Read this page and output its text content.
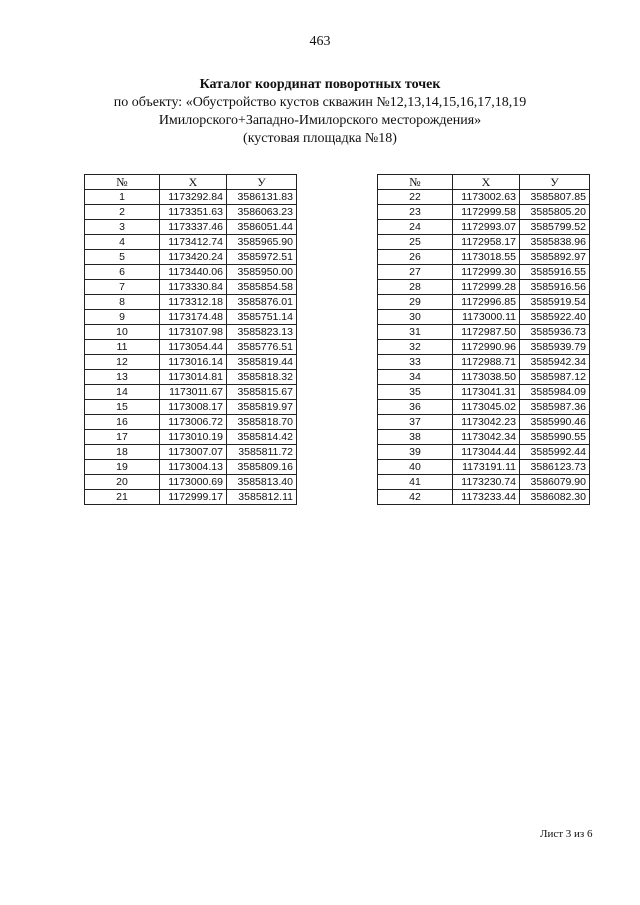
463
Каталог координат поворотных точек
по объекту: «Обустройство кустов скважин №12,13,14,15,16,17,18,19
Имилорского+Западно-Имилорского месторождения»
(кустовая площадка №18)
№	Х	У
1	1173292.84	3586131.83
2	1173351.63	3586063.23
3	1173337.46	3586051.44
4	1173412.74	3585965.90
5	1173420.24	3585972.51
6	1173440.06	3585950.00
7	1173330.84	3585854.58
8	1173312.18	3585876.01
9	1173174.48	3585751.14
10	1173107.98	3585823.13
11	1173054.44	3585776.51
12	1173016.14	3585819.44
13	1173014.81	3585818.32
14	1173011.67	3585815.67
15	1173008.17	3585819.97
16	1173006.72	3585818.70
17	1173010.19	3585814.42
18	1173007.07	3585811.72
19	1173004.13	3585809.16
20	1173000.69	3585813.40
21	1172999.17	3585812.11
№	Х	У
22	1173002.63	3585807.85
23	1172999.58	3585805.20
24	1172993.07	3585799.52
25	1172958.17	3585838.96
26	1173018.55	3585892.97
27	1172999.30	3585916.55
28	1172999.28	3585916.56
29	1172996.85	3585919.54
30	1173000.11	3585922.40
31	1172987.50	3585936.73
32	1172990.96	3585939.79
33	1172988.71	3585942.34
34	1173038.50	3585987.12
35	1173041.31	3585984.09
36	1173045.02	3585987.36
37	1173042.23	3585990.46
38	1173042.34	3585990.55
39	1173044.44	3585992.44
40	1173191.11	3586123.73
41	1173230.74	3586079.90
42	1173233.44	3586082.30
Лист 3 из 6
